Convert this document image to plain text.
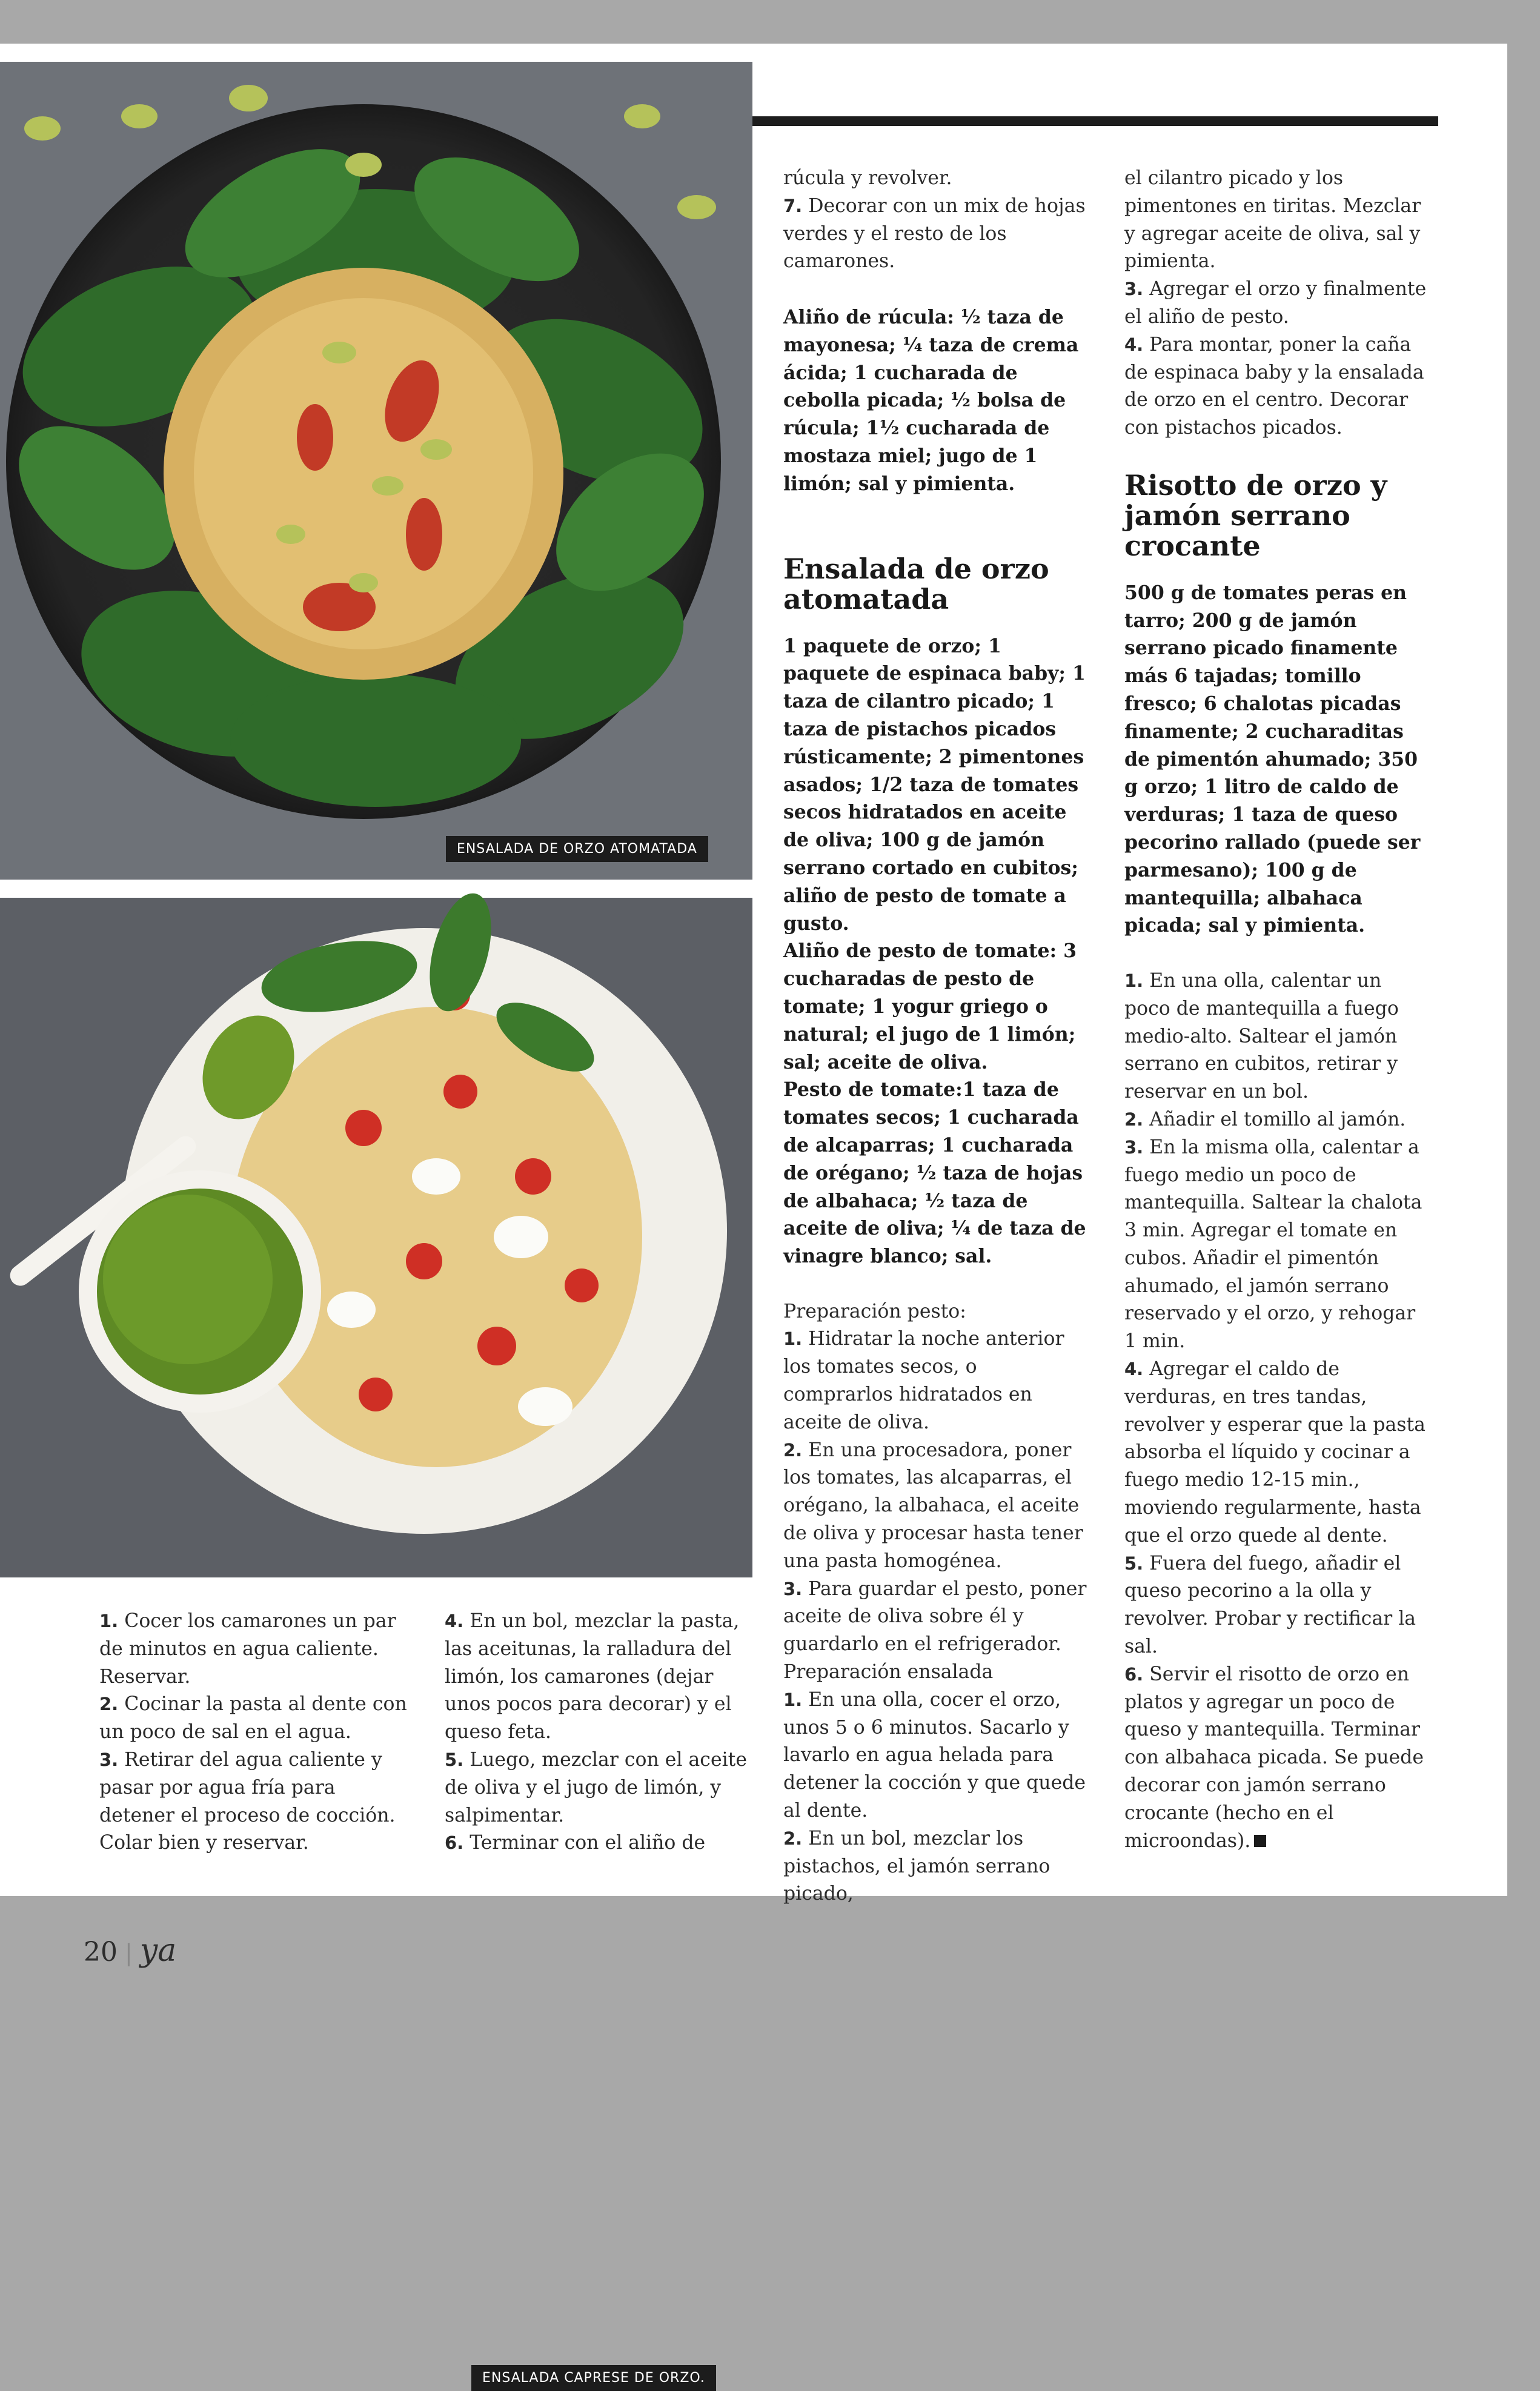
ENSALADA DE ORZO ATOMATADA
ENSALADA CAPRESE DE ORZO.

rúcula y revolver.

7. Decorar con un mix de hojas verdes y el resto de los camarones.

Aliño de rúcula: ½ taza de mayonesa; ¼ taza de crema ácida; 1 cucharada de cebolla picada; ½ bolsa de rúcula; 1½ cucharada de mostaza miel; jugo de 1 limón; sal y pimienta.

Ensalada de orzo atomatada

1 paquete de orzo; 1 paquete de espinaca baby; 1 taza de cilantro picado; 1 taza de pistachos picados rústicamente; 2 pimentones asados; 1/2 taza de tomates secos hidratados en aceite de oliva; 100 g de jamón serrano cortado en cubitos; aliño de pesto de tomate a gusto.

Aliño de pesto de tomate: 3 cucharadas de pesto de tomate; 1 yogur griego o natural; el jugo de 1 limón; sal; aceite de oliva.

Pesto de tomate:1 taza de tomates secos; 1 cucharada de alcaparras; 1 cucharada de orégano; ½ taza de hojas de albahaca; ½ taza de aceite de oliva; ¼ de taza de vinagre blanco; sal.

Preparación pesto:

1. Hidratar la noche anterior los tomates secos, o comprarlos hidratados en aceite de oliva.

2. En una procesadora, poner los tomates, las alcaparras, el orégano, la albahaca, el aceite de oliva y procesar hasta tener una pasta homogénea.

3. Para guardar el pesto, poner aceite de oliva sobre él y guardarlo en el refrigerador.

Preparación ensalada

1. En una olla, cocer el orzo, unos 5 o 6 minutos. Sacarlo y lavarlo en agua helada para detener la cocción y que quede al dente.

2. En un bol, mezclar los pistachos, el jamón serrano picado,

el cilantro picado y los pimentones en tiritas. Mezclar y agregar aceite de oliva, sal y pimienta.

3. Agregar el orzo y finalmente el aliño de pesto.

4. Para montar, poner la caña de espinaca baby y la ensalada de orzo en el centro. Decorar con pistachos picados.

Risotto de orzo y jamón serrano crocante

500 g de tomates peras en tarro; 200 g de jamón serrano picado finamente más 6 tajadas; tomillo fresco; 6 chalotas picadas finamente; 2 cucharaditas de pimentón ahumado; 350 g orzo; 1 litro de caldo de verduras; 1 taza de queso pecorino rallado (puede ser parmesano); 100 g de mantequilla; albahaca picada; sal y pimienta.

1. En una olla, calentar un poco de mantequilla a fuego medio-alto. Saltear el jamón serrano en cubitos, retirar y reservar en un bol.

2. Añadir el tomillo al jamón.

3. En la misma olla, calentar a fuego medio un poco de mantequilla. Saltear la chalota 3 min. Agregar el tomate en cubos. Añadir el pimentón ahumado, el jamón serrano reservado y el orzo, y rehogar 1 min.

4. Agregar el caldo de verduras, en tres tandas, revolver y esperar que la pasta absorba el líquido y cocinar a fuego medio 12-15 min., moviendo regularmente, hasta que el orzo quede al dente.

5. Fuera del fuego, añadir el queso pecorino a la olla y revolver. Probar y rectificar la sal.

6. Servir el risotto de orzo en platos y agregar un poco de queso y mantequilla. Terminar con albahaca picada. Se puede decorar con jamón serrano crocante (hecho en el microondas).

1. Cocer los camarones un par de minutos en agua caliente. Reservar.

2. Cocinar la pasta al dente con un poco de sal en el agua.

3. Retirar del agua caliente y pasar por agua fría para detener el proceso de cocción. Colar bien y reservar.

4. En un bol, mezclar la pasta, las aceitunas, la ralladura del limón, los camarones (dejar unos pocos para decorar) y el queso feta.

5. Luego, mezclar con el aceite de oliva y el jugo de limón, y salpimentar.

6. Terminar con el aliño de

20 | ya
